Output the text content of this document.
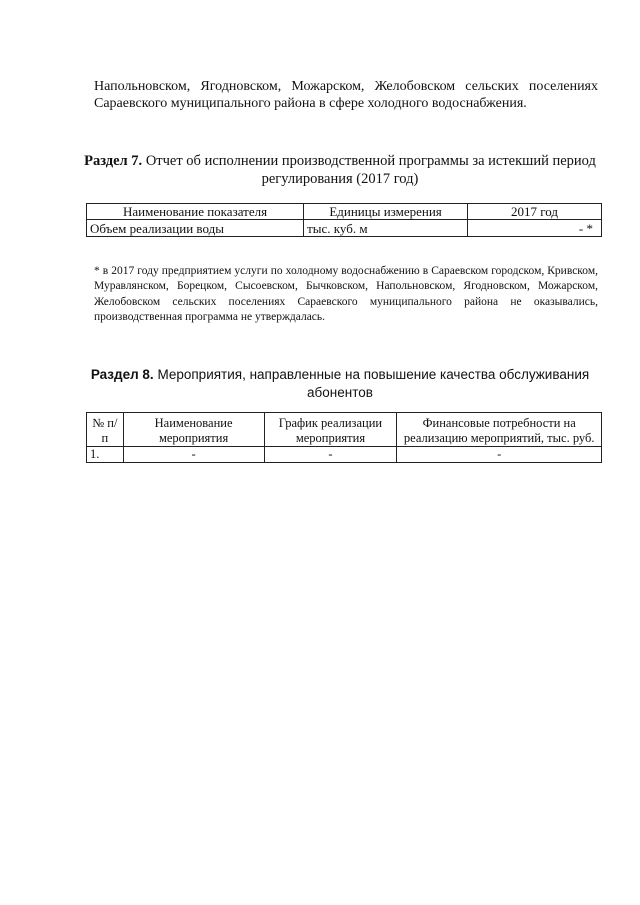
Напольновском, Ягодновском, Можарском, Желобовском сельских поселениях Сараевского муниципального района в сфере холодного водоснабжения.

Раздел 7. Отчет об исполнении производственной программы за истекший период регулирования (2017 год)
Наименование показателя	Единицы измерения	2017 год
Объем реализации воды	тыс. куб. м	- *

* в 2017 году предприятием услуги по холодному водоснабжению в Сараевском городском, Кривском, Муравлянском, Борецком, Сысоевском, Бычковском, Напольновском, Ягодновском, Можарском, Желобовском сельских поселениях Сараевского муниципального района не оказывались, производственная программа не утверждалась.

Раздел 8. Мероприятия, направленные на повышение качества обслуживания абонентов
№ п/п	Наименование мероприятия	График реализации мероприятия	Финансовые потребности на реализацию мероприятий, тыс. руб.
1.	-	-	-
